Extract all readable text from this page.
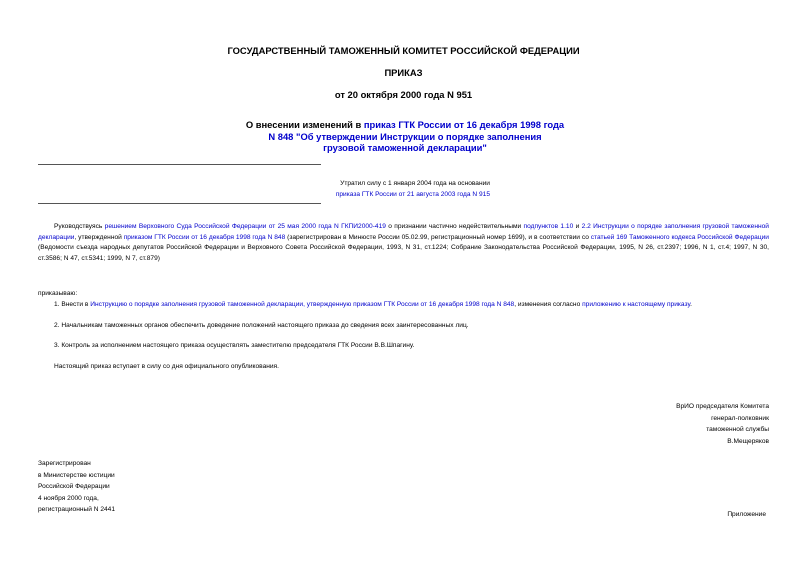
ГОСУДАРСТВЕННЫЙ ТАМОЖЕННЫЙ КОМИТЕТ РОССИЙСКОЙ ФЕДЕРАЦИИ
ПРИКАЗ
от 20 октября 2000 года N 951
О внесении изменений в приказ ГТК России от 16 декабря 1998 года
N 848 "Об утверждении Инструкции о порядке заполнения
грузовой таможенной декларации"
Утратил силу с 1 января 2004 года на основании
приказа ГТК России от 21 августа 2003 года N 915
Руководствуясь решением Верховного Суда Российской Федерации от 25 мая 2000 года N ГКПИ2000-419 о признании частично недействительными подпунктов 1.10 и 2.2 Инструкции о порядке заполнения грузовой таможенной декларации, утвержденной приказом ГТК России от 16 декабря 1998 года N 848 (зарегистрирован в Минюсте России 05.02.99, регистрационный номер 1699), и в соответствии со статьей 169 Таможенного кодекса Российской Федерации (Ведомости съезда народных депутатов Российской Федерации и Верховного Совета Российской Федерации, 1993, N 31, ст.1224; Собрание Законодательства Российской Федерации, 1995, N 26, ст.2397; 1996, N 1, ст.4; 1997, N 30, ст.3586; N 47, ст.5341; 1999, N 7, ст.879)
приказываю:
1. Внести в Инструкцию о порядке заполнения грузовой таможенной декларации, утвержденную приказом ГТК России от 16 декабря 1998 года N 848, изменения согласно приложению к настоящему приказу.
2. Начальникам таможенных органов обеспечить доведение положений настоящего приказа до сведения всех заинтересованных лиц.
3. Контроль за исполнением настоящего приказа осуществлять заместителю председателя ГТК России В.В.Шпагину.
Настоящий приказ вступает в силу со дня официального опубликования.
ВрИО председателя Комитета
генерал-полковник
таможенной службы
В.Мещеряков
Зарегистрирован
в Министерстве юстиции
Российской Федерации
4 ноября 2000 года,
регистрационный N 2441
Приложение
